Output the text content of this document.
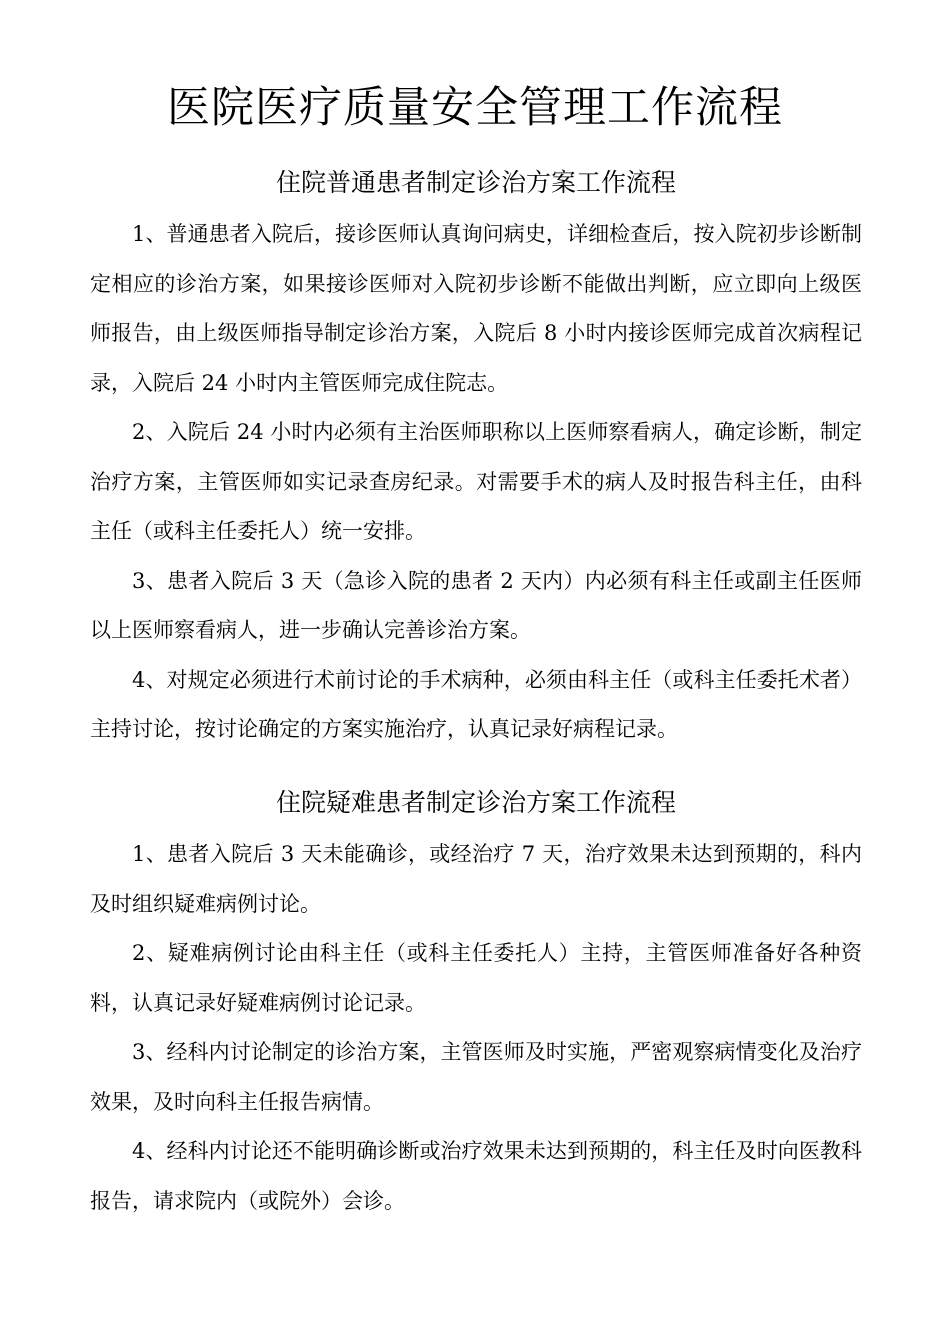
医院医疗质量安全管理工作流程
住院普通患者制定诊治方案工作流程

1、普通患者入院后，接诊医师认真询问病史，详细检查后，按入院初步诊断制定相应的诊治方案，如果接诊医师对入院初步诊断不能做出判断，应立即向上级医师报告，由上级医师指导制定诊治方案，入院后 8 小时内接诊医师完成首次病程记录，入院后 24 小时内主管医师完成住院志。

2、入院后 24 小时内必须有主治医师职称以上医师察看病人，确定诊断，制定治疗方案，主管医师如实记录查房纪录。对需要手术的病人及时报告科主任，由科主任（或科主任委托人）统一安排。

3、患者入院后 3 天（急诊入院的患者 2 天内）内必须有科主任或副主任医师以上医师察看病人，进一步确认完善诊治方案。

4、对规定必须进行术前讨论的手术病种，必须由科主任（或科主任委托术者）主持讨论，按讨论确定的方案实施治疗，认真记录好病程记录。

住院疑难患者制定诊治方案工作流程

1、患者入院后 3 天未能确诊，或经治疗 7 天，治疗效果未达到预期的，科内及时组织疑难病例讨论。

2、疑难病例讨论由科主任（或科主任委托人）主持，主管医师准备好各种资料，认真记录好疑难病例讨论记录。

3、经科内讨论制定的诊治方案，主管医师及时实施，严密观察病情变化及治疗效果，及时向科主任报告病情。

4、经科内讨论还不能明确诊断或治疗效果未达到预期的，科主任及时向医教科报告，请求院内（或院外）会诊。
